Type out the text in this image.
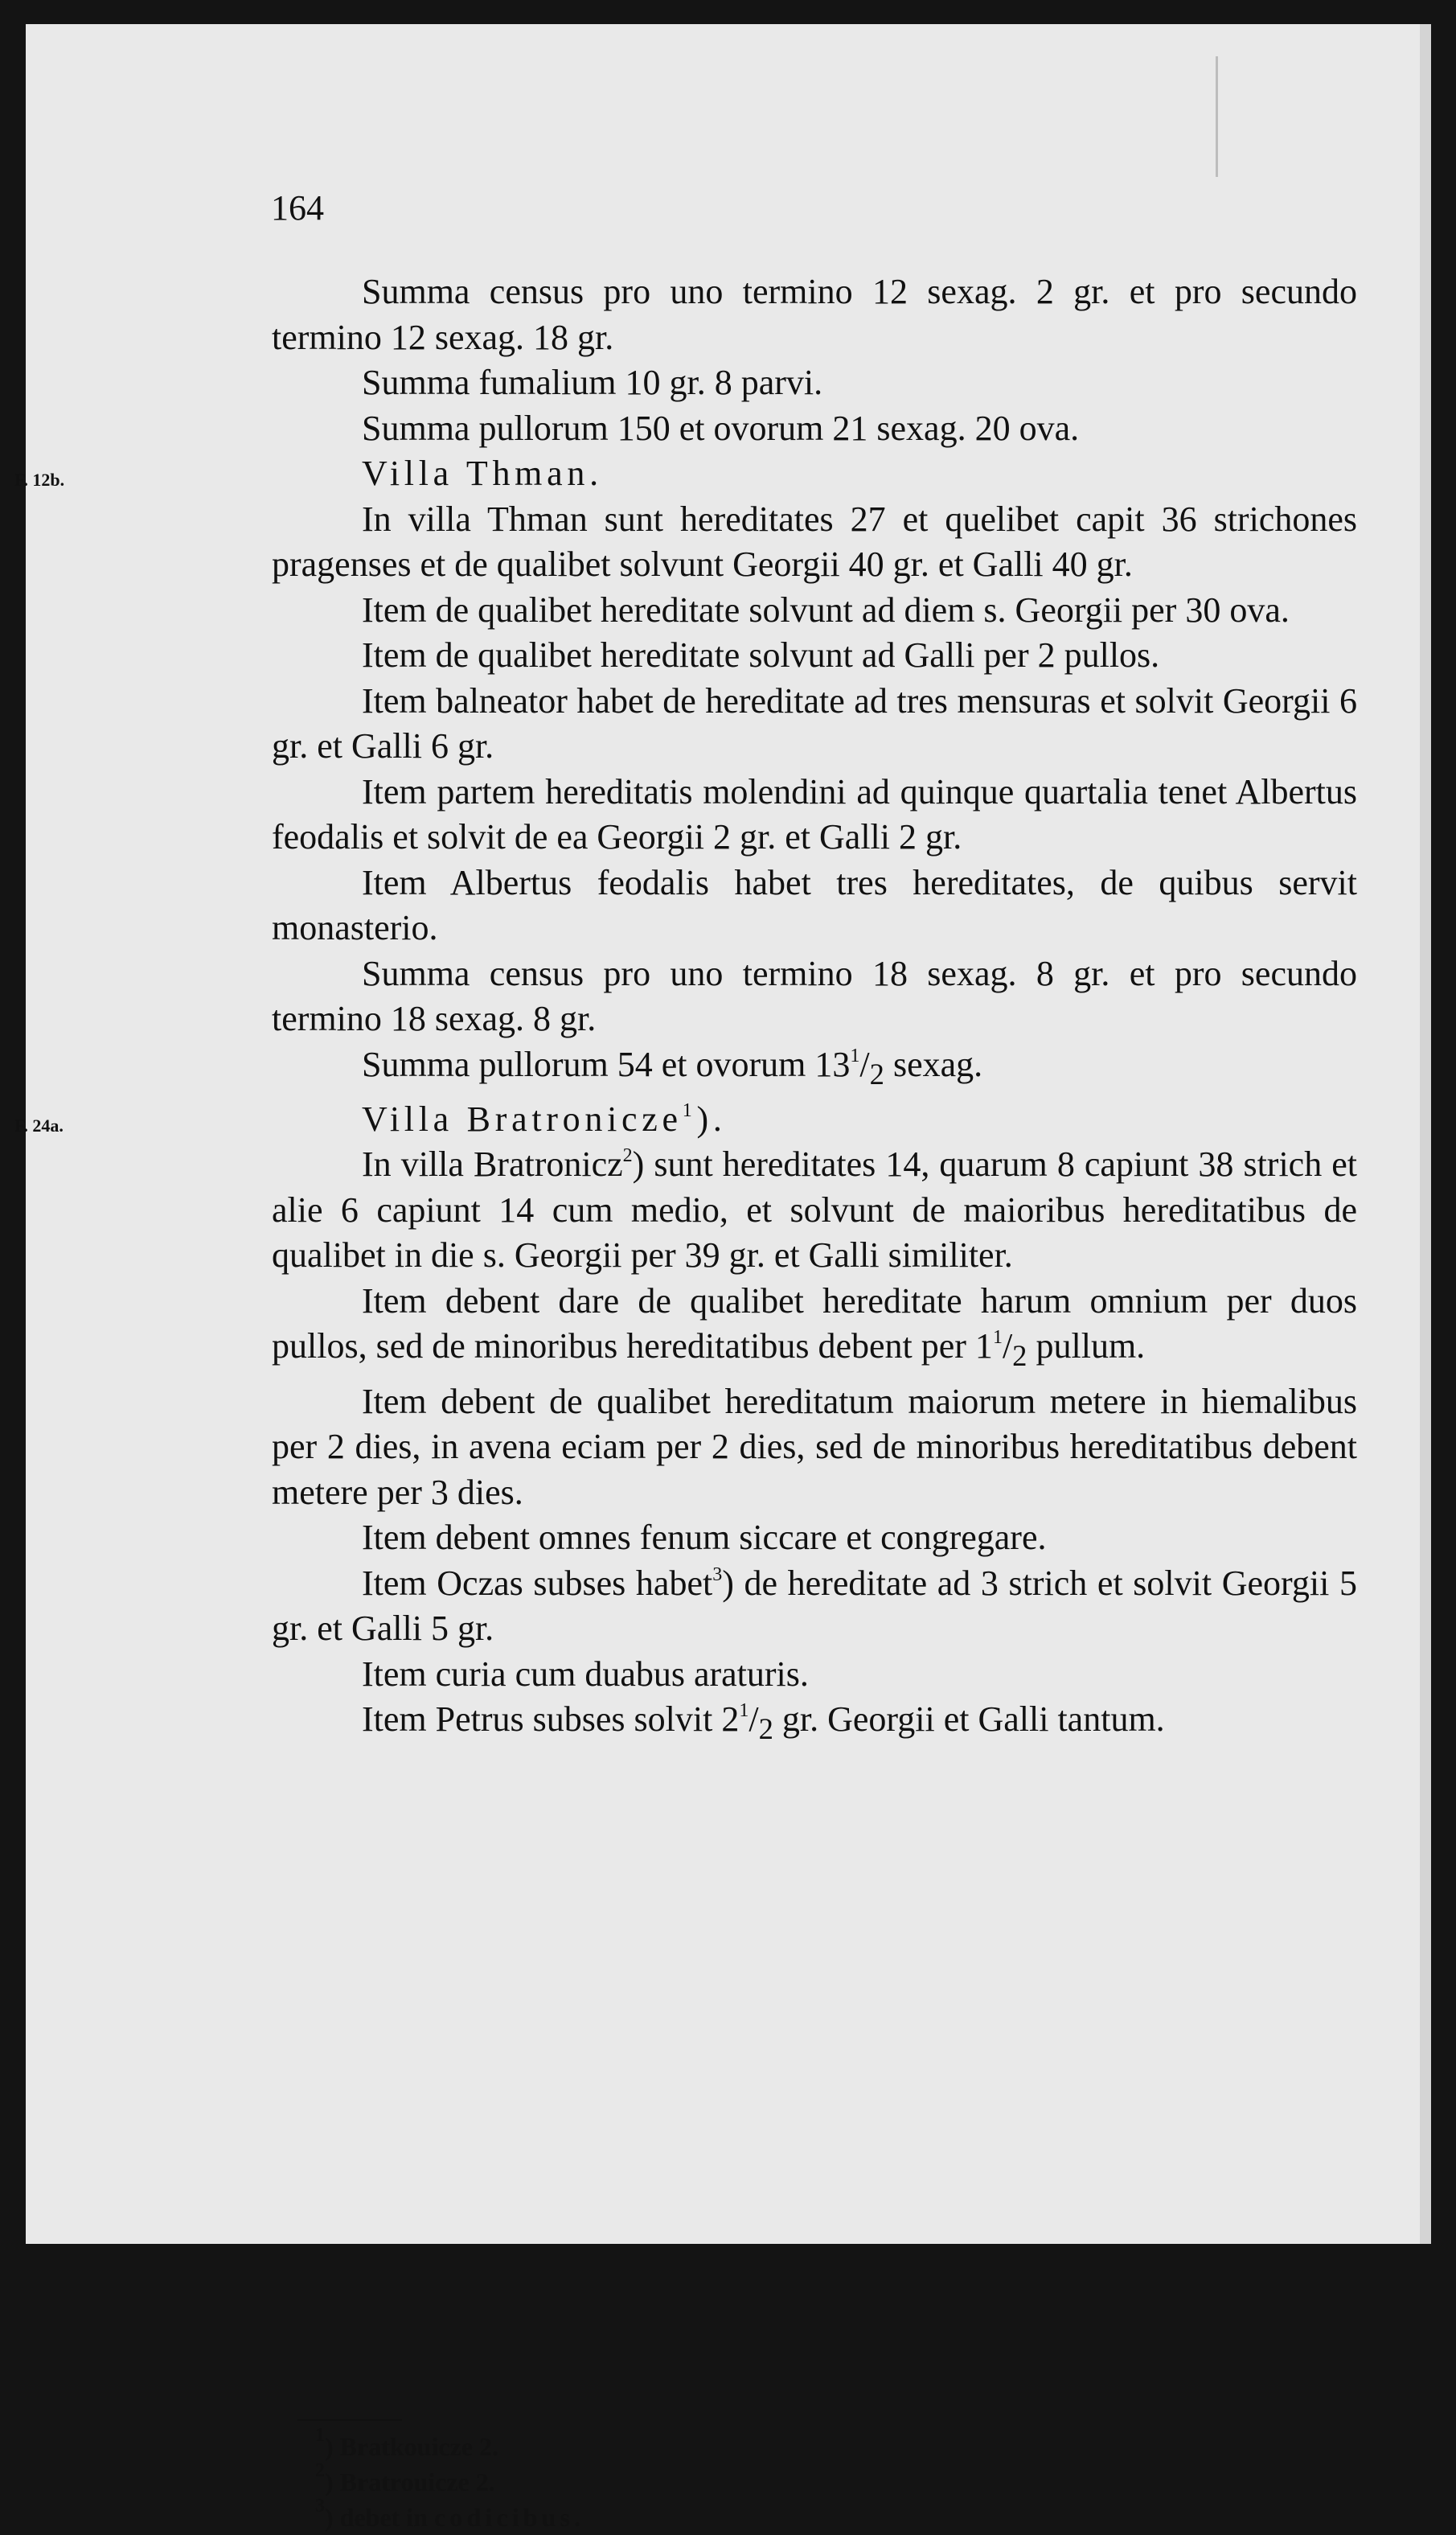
164

Summa census pro uno termino 12 sexag. 2 gr. et pro secundo termino 12 sexag. 18 gr.

Summa fumalium 10 gr. 8 parvi.

Summa pullorum 150 et ovorum 21 sexag. 20 ova.

F. 12b.	Villa Thman.

In villa Thman sunt hereditates 27 et quelibet capit 36 strichones pragenses et de qualibet solvunt Georgii 40 gr. et Galli 40 gr.

Item de qualibet hereditate solvunt ad diem s. Georgii per 30 ova.

Item de qualibet hereditate solvunt ad Galli per 2 pullos.

Item balneator habet de hereditate ad tres mensuras et solvit Georgii 6 gr. et Galli 6 gr.

Item partem hereditatis molendini ad quinque quartalia tenet Albertus feodalis et solvit de ea Georgii 2 gr. et Galli 2 gr.

Item Albertus feodalis habet tres hereditates, de quibus servit monasterio.

Summa census pro uno termino 18 sexag. 8 gr. et pro secundo termino 18 sexag. 8 gr.

Summa pullorum 54 et ovorum $13^1/_2$ sexag.

F. 24a.	Villa Bratronicze$^1$).

In villa Bratronicz$^2$) sunt hereditates 14, quarum 8 capiunt 38 strich et alie 6 capiunt 14 cum medio, et solvunt de maioribus hereditatibus de qualibet in die s. Georgii per 39 gr. et Galli similiter.

Item debent dare de qualibet hereditate harum omnium per duos pullos, sed de minoribus hereditatibus debent per $1^1/_2$ pullum.

Item debent de qualibet hereditatum maiorum metere in hiemalibus per 2 dies, in avena eciam per 2 dies, sed de minoribus hereditatibus debent metere per 3 dies.

Item debent omnes fenum siccare et congregare.

Item Oczas subses habet$^3$) de hereditate ad 3 strich et solvit Georgii 5 gr. et Galli 5 gr.

Item curia cum duabus araturis.

Item Petrus subses solvit $2^1/_2$ gr. Georgii et Galli tantum.

$^1$) Bratkouicze 2.

$^2$) Bratrouicze 2.

$^3$) debet in codicibus.
